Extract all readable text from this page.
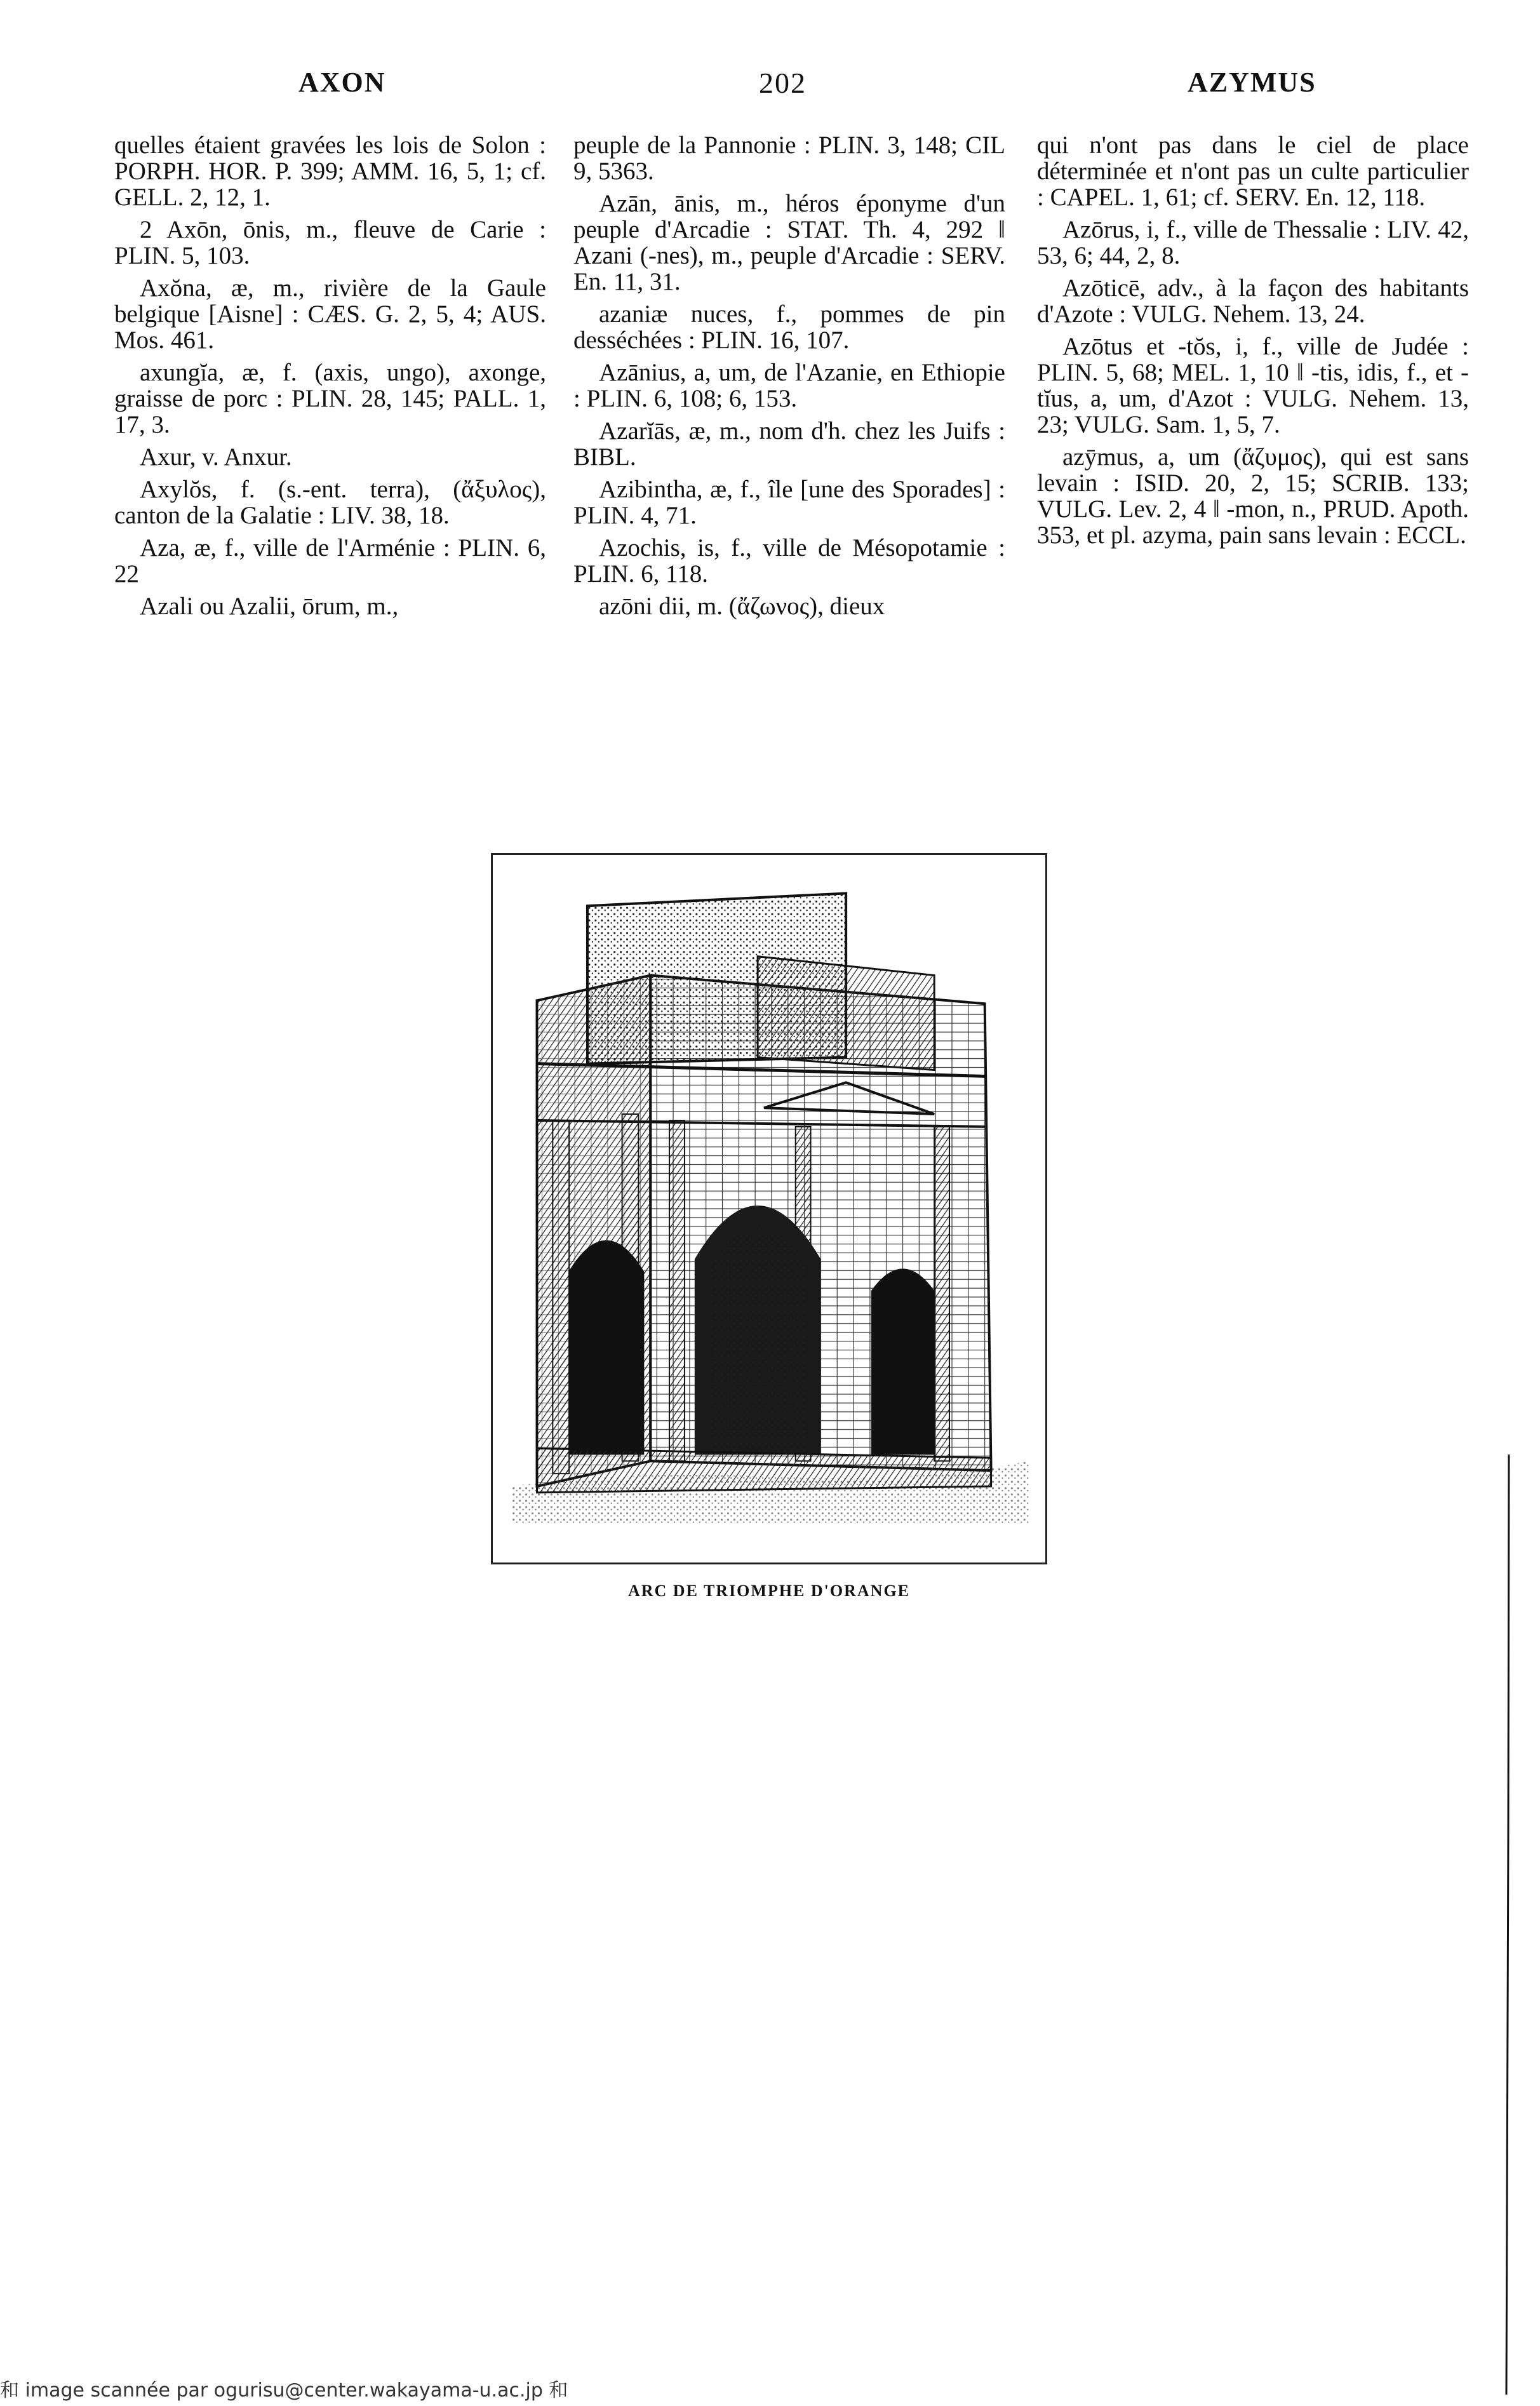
AXON	202	AZYMUS

quelles étaient gravées les lois de Solon : PORPH. HOR. P. 399; AMM. 16, 5, 1; cf. GELL. 2, 12, 1.

2 Axōn, ōnis, m., fleuve de Carie : PLIN. 5, 103.

Axŏna, æ, m., rivière de la Gaule belgique [Aisne] : CÆS. G. 2, 5, 4; AUS. Mos. 461.

axungĭa, æ, f. (axis, ungo), axonge, graisse de porc : PLIN. 28, 145; PALL. 1, 17, 3.

Axur, v. Anxur.

Axylŏs, f. (s.-ent. terra), (ἄξυλος), canton de la Galatie : LIV. 38, 18.

Aza, æ, f., ville de l'Arménie : PLIN. 6, 22

Azali ou Azalii, ōrum, m.,

peuple de la Pannonie : PLIN. 3, 148; CIL 9, 5363.

Azān, ānis, m., héros éponyme d'un peuple d'Arcadie : STAT. Th. 4, 292 ‖ Azani (-nes), m., peuple d'Arcadie : SERV. En. 11, 31.

azaniæ nuces, f., pommes de pin desséchées : PLIN. 16, 107.

Azānius, a, um, de l'Azanie, en Ethiopie : PLIN. 6, 108; 6, 153.

Azarĭās, æ, m., nom d'h. chez les Juifs : BIBL.

Azibintha, æ, f., île [une des Sporades] : PLIN. 4, 71.

Azochis, is, f., ville de Mésopotamie : PLIN. 6, 118.

azōni dii, m. (ἄζωνος), dieux

qui n'ont pas dans le ciel de place déterminée et n'ont pas un culte particulier : CAPEL. 1, 61; cf. SERV. En. 12, 118.

Azōrus, i, f., ville de Thessalie : LIV. 42, 53, 6; 44, 2, 8.

Azōticē, adv., à la façon des habitants d'Azote : VULG. Nehem. 13, 24.

Azōtus et -tŏs, i, f., ville de Judée : PLIN. 5, 68; MEL. 1, 10 ‖ -tis, idis, f., et -tĭus, a, um, d'Azot : VULG. Nehem. 13, 23; VULG. Sam. 1, 5, 7.

azȳmus, a, um (ἄζυμος), qui est sans levain : ISID. 20, 2, 15; SCRIB. 133; VULG. Lev. 2, 4 ‖ -mon, n., PRUD. Apoth. 353, et pl. azyma, pain sans levain : ECCL.

ARC DE TRIOMPHE D'ORANGE
和 image scannée par ogurisu@center.wakayama-u.ac.jp 和
